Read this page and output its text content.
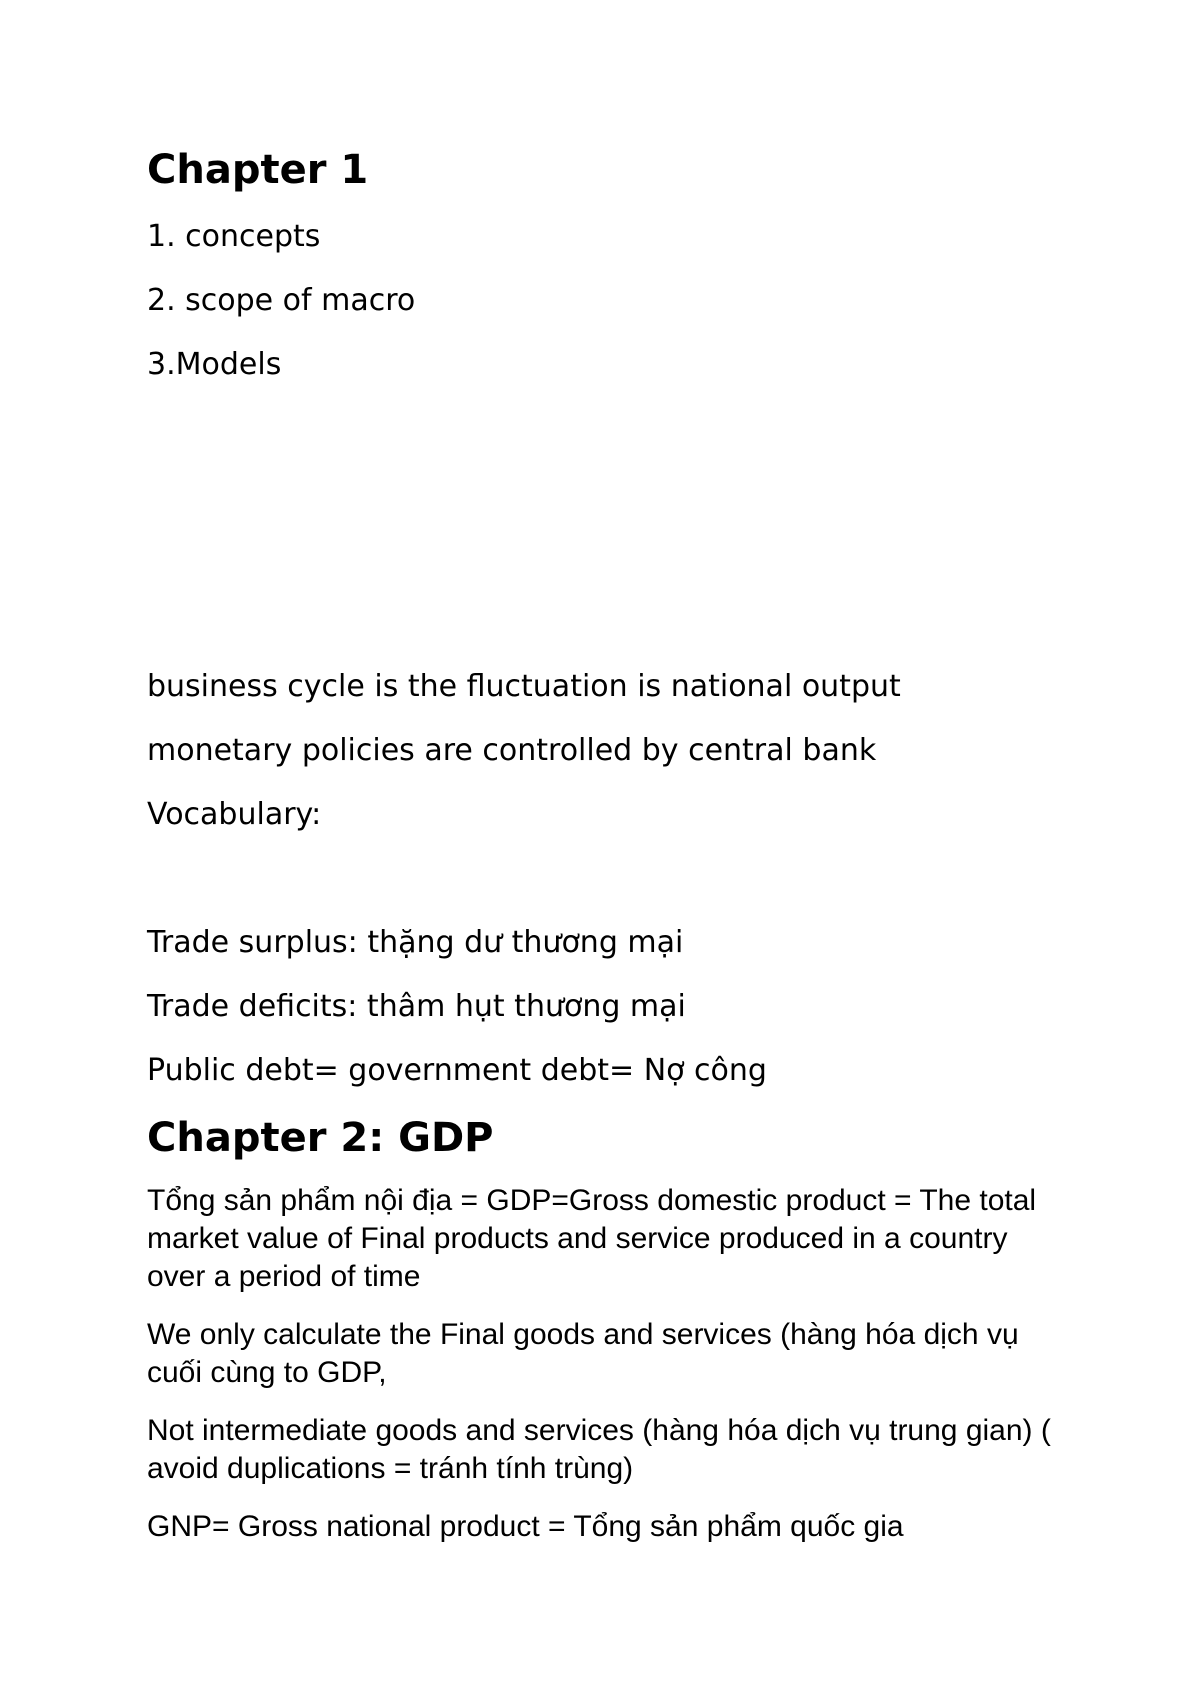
Chapter 1

1. concepts

2. scope of macro

3.Models

business cycle is the fluctuation is national output

monetary policies are controlled by central bank

Vocabulary:

Trade surplus: thặng dư thương mại

Trade deficits: thâm hụt thương mại

Public debt= government debt= Nợ công

Chapter 2: GDP

Tổng sản phẩm nội địa = GDP=Gross domestic product = The total market value of Final products and service produced in a country over a period of time

We only calculate the Final goods and services (hàng hóa dịch vụ cuối cùng to GDP,

Not intermediate goods and services (hàng hóa dịch vụ trung gian) ( avoid duplications = tránh tính trùng)

GNP= Gross national product = Tổng sản phẩm quốc gia
